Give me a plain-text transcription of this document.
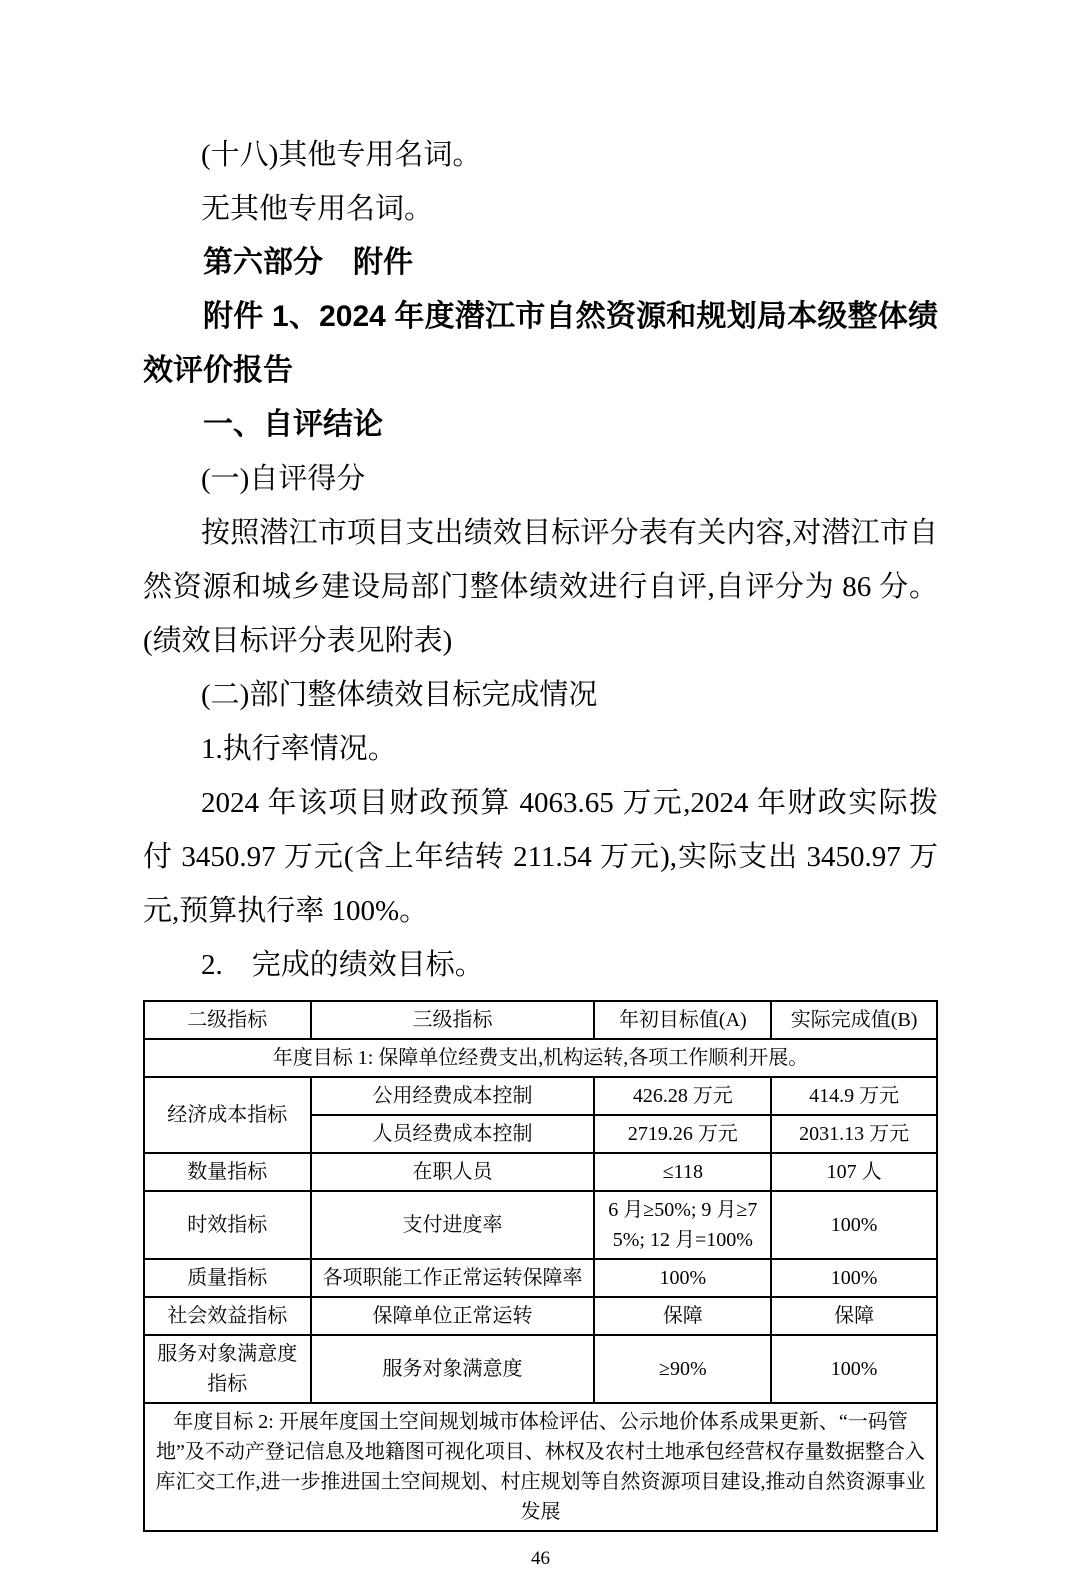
(十八)其他专用名词。

无其他专用名词。

第六部分　附件

附件 1、2024 年度潜江市自然资源和规划局本级整体绩效评价报告

一、自评结论

(一)自评得分

按照潜江市项目支出绩效目标评分表有关内容,对潜江市自然资源和城乡建设局部门整体绩效进行自评,自评分为 86 分。(绩效目标评分表见附表)

(二)部门整体绩效目标完成情况

1.执行率情况。

2024 年该项目财政预算 4063.65 万元,2024 年财政实际拨付 3450.97 万元(含上年结转 211.54 万元),实际支出 3450.97 万元,预算执行率 100%。

2.　完成的绩效目标。

二级指标	三级指标	年初目标值(A)	实际完成值(B)
年度目标 1: 保障单位经费支出,机构运转,各项工作顺利开展。			
经济成本指标	公用经费成本控制	426.28 万元	414.9 万元
	人员经费成本控制	2719.26 万元	2031.13 万元
数量指标	在职人员	≤118	107 人
时效指标	支付进度率	6 月≥50%; 9 月≥75%; 12 月=100%	100%
质量指标	各项职能工作正常运转保障率	100%	100%
社会效益指标	保障单位正常运转	保障	保障
服务对象满意度指标	服务对象满意度	≥90%	100%
年度目标 2: 开展年度国土空间规划城市体检评估、公示地价体系成果更新、“一码管地”及不动产登记信息及地籍图可视化项目、林权及农村土地承包经营权存量数据整合入库汇交工作,进一步推进国土空间规划、村庄规划等自然资源项目建设,推动自然资源事业发展			
46
